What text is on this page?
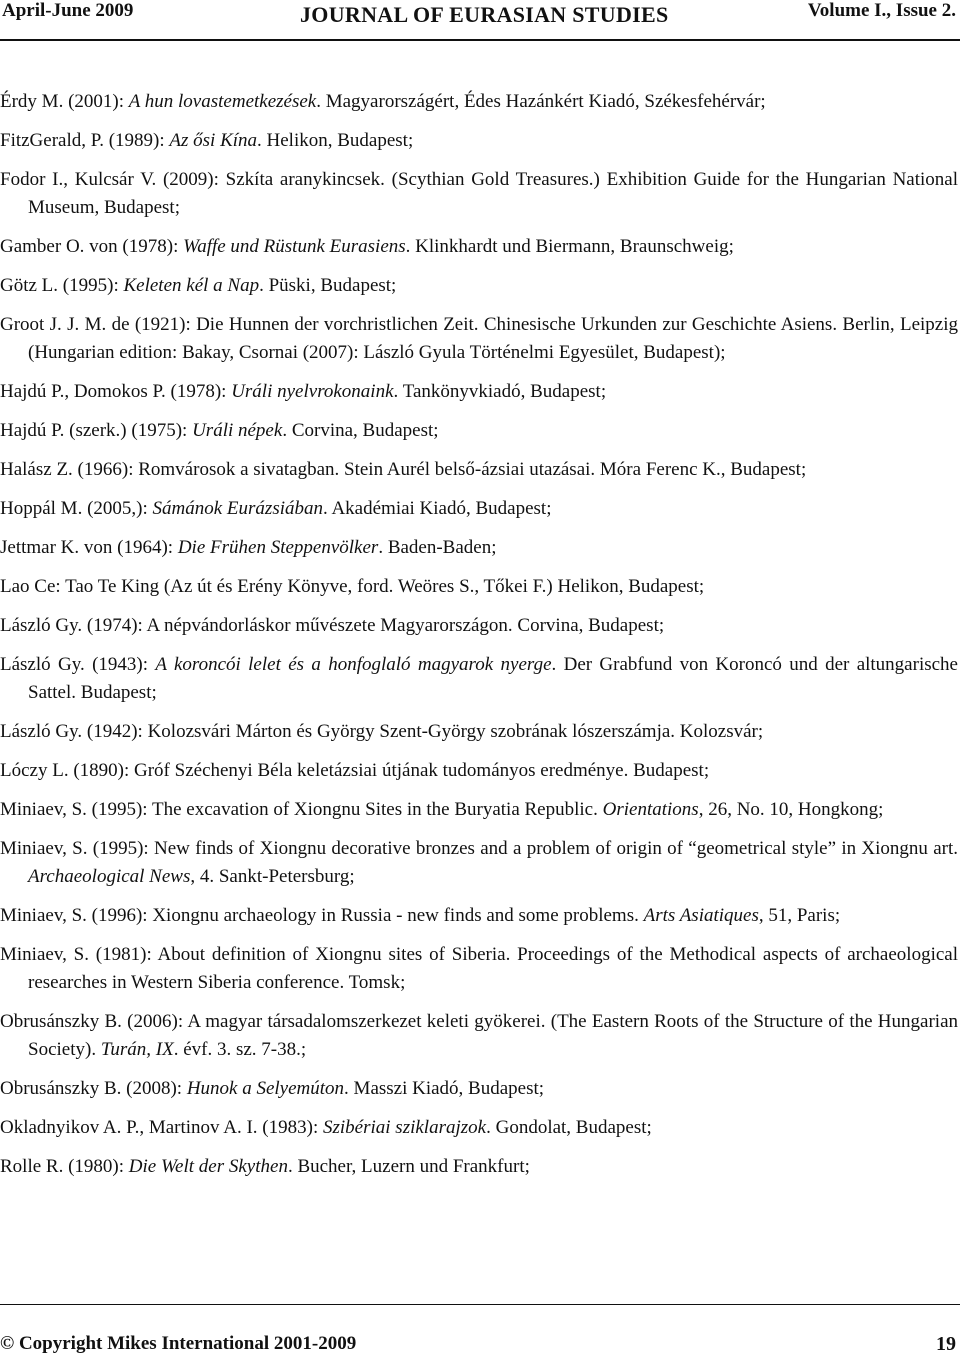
April-June 2009	JOURNAL OF EURASIAN STUDIES	Volume I., Issue 2.

Érdy M. (2001): A hun lovastemetkezések. Magyarországért, Édes Hazánkért Kiadó, Székesfehérvár;

FitzGerald, P. (1989): Az ősi Kína. Helikon, Budapest;

Fodor I., Kulcsár V. (2009): Szkíta aranykincsek. (Scythian Gold Treasures.) Exhibition Guide for the Hungarian National Museum, Budapest;

Gamber O. von (1978): Waffe und Rüstunk Eurasiens. Klinkhardt und Biermann, Braunschweig;

Götz L. (1995): Keleten kél a Nap. Püski, Budapest;

Groot J. J. M. de (1921): Die Hunnen der vorchristlichen Zeit. Chinesische Urkunden zur Geschichte Asiens. Berlin, Leipzig (Hungarian edition: Bakay, Csornai (2007): László Gyula Történelmi Egyesület, Budapest);

Hajdú P., Domokos P. (1978): Uráli nyelvrokonaink. Tankönyvkiadó, Budapest;

Hajdú P. (szerk.) (1975): Uráli népek. Corvina, Budapest;

Halász Z. (1966): Romvárosok a sivatagban. Stein Aurél belső-ázsiai utazásai. Móra Ferenc K., Budapest;

Hoppál M. (2005,): Sámánok Eurázsiában. Akadémiai Kiadó, Budapest;

Jettmar K. von (1964): Die Frühen Steppenvölker. Baden-Baden;

Lao Ce: Tao Te King (Az út és Erény Könyve, ford. Weöres S., Tőkei F.) Helikon, Budapest;

László Gy. (1974): A népvándorláskor művészete Magyarországon. Corvina, Budapest;

László Gy. (1943): A koroncói lelet és a honfoglaló magyarok nyerge. Der Grabfund von Koroncó und der altungarische Sattel. Budapest;

László Gy. (1942): Kolozsvári Márton és György Szent-György szobrának lószerszámja. Kolozsvár;

Lóczy L. (1890): Gróf Széchenyi Béla keletázsiai útjának tudományos eredménye. Budapest;

Miniaev, S. (1995): The excavation of Xiongnu Sites in the Buryatia Republic. Orientations, 26, No. 10, Hongkong;

Miniaev, S. (1995): New finds of Xiongnu decorative bronzes and a problem of origin of “geometrical style” in Xiongnu art. Archaeological News, 4. Sankt-Petersburg;

Miniaev, S. (1996): Xiongnu archaeology in Russia - new finds and some problems. Arts Asiatiques, 51, Paris;

Miniaev, S. (1981): About definition of Xiongnu sites of Siberia. Proceedings of the Methodical aspects of archaeological researches in Western Siberia conference. Tomsk;

Obrusánszky B. (2006): A magyar társadalomszerkezet keleti gyökerei. (The Eastern Roots of the Structure of the Hungarian Society). Turán, IX. évf. 3. sz. 7-38.;

Obrusánszky B. (2008): Hunok a Selyemúton. Masszi Kiadó, Budapest;

Okladnyikov A. P., Martinov A. I. (1983): Szibériai sziklarajzok. Gondolat, Budapest;

Rolle R. (1980): Die Welt der Skythen. Bucher, Luzern und Frankfurt;

© Copyright Mikes International 2001-2009	19
